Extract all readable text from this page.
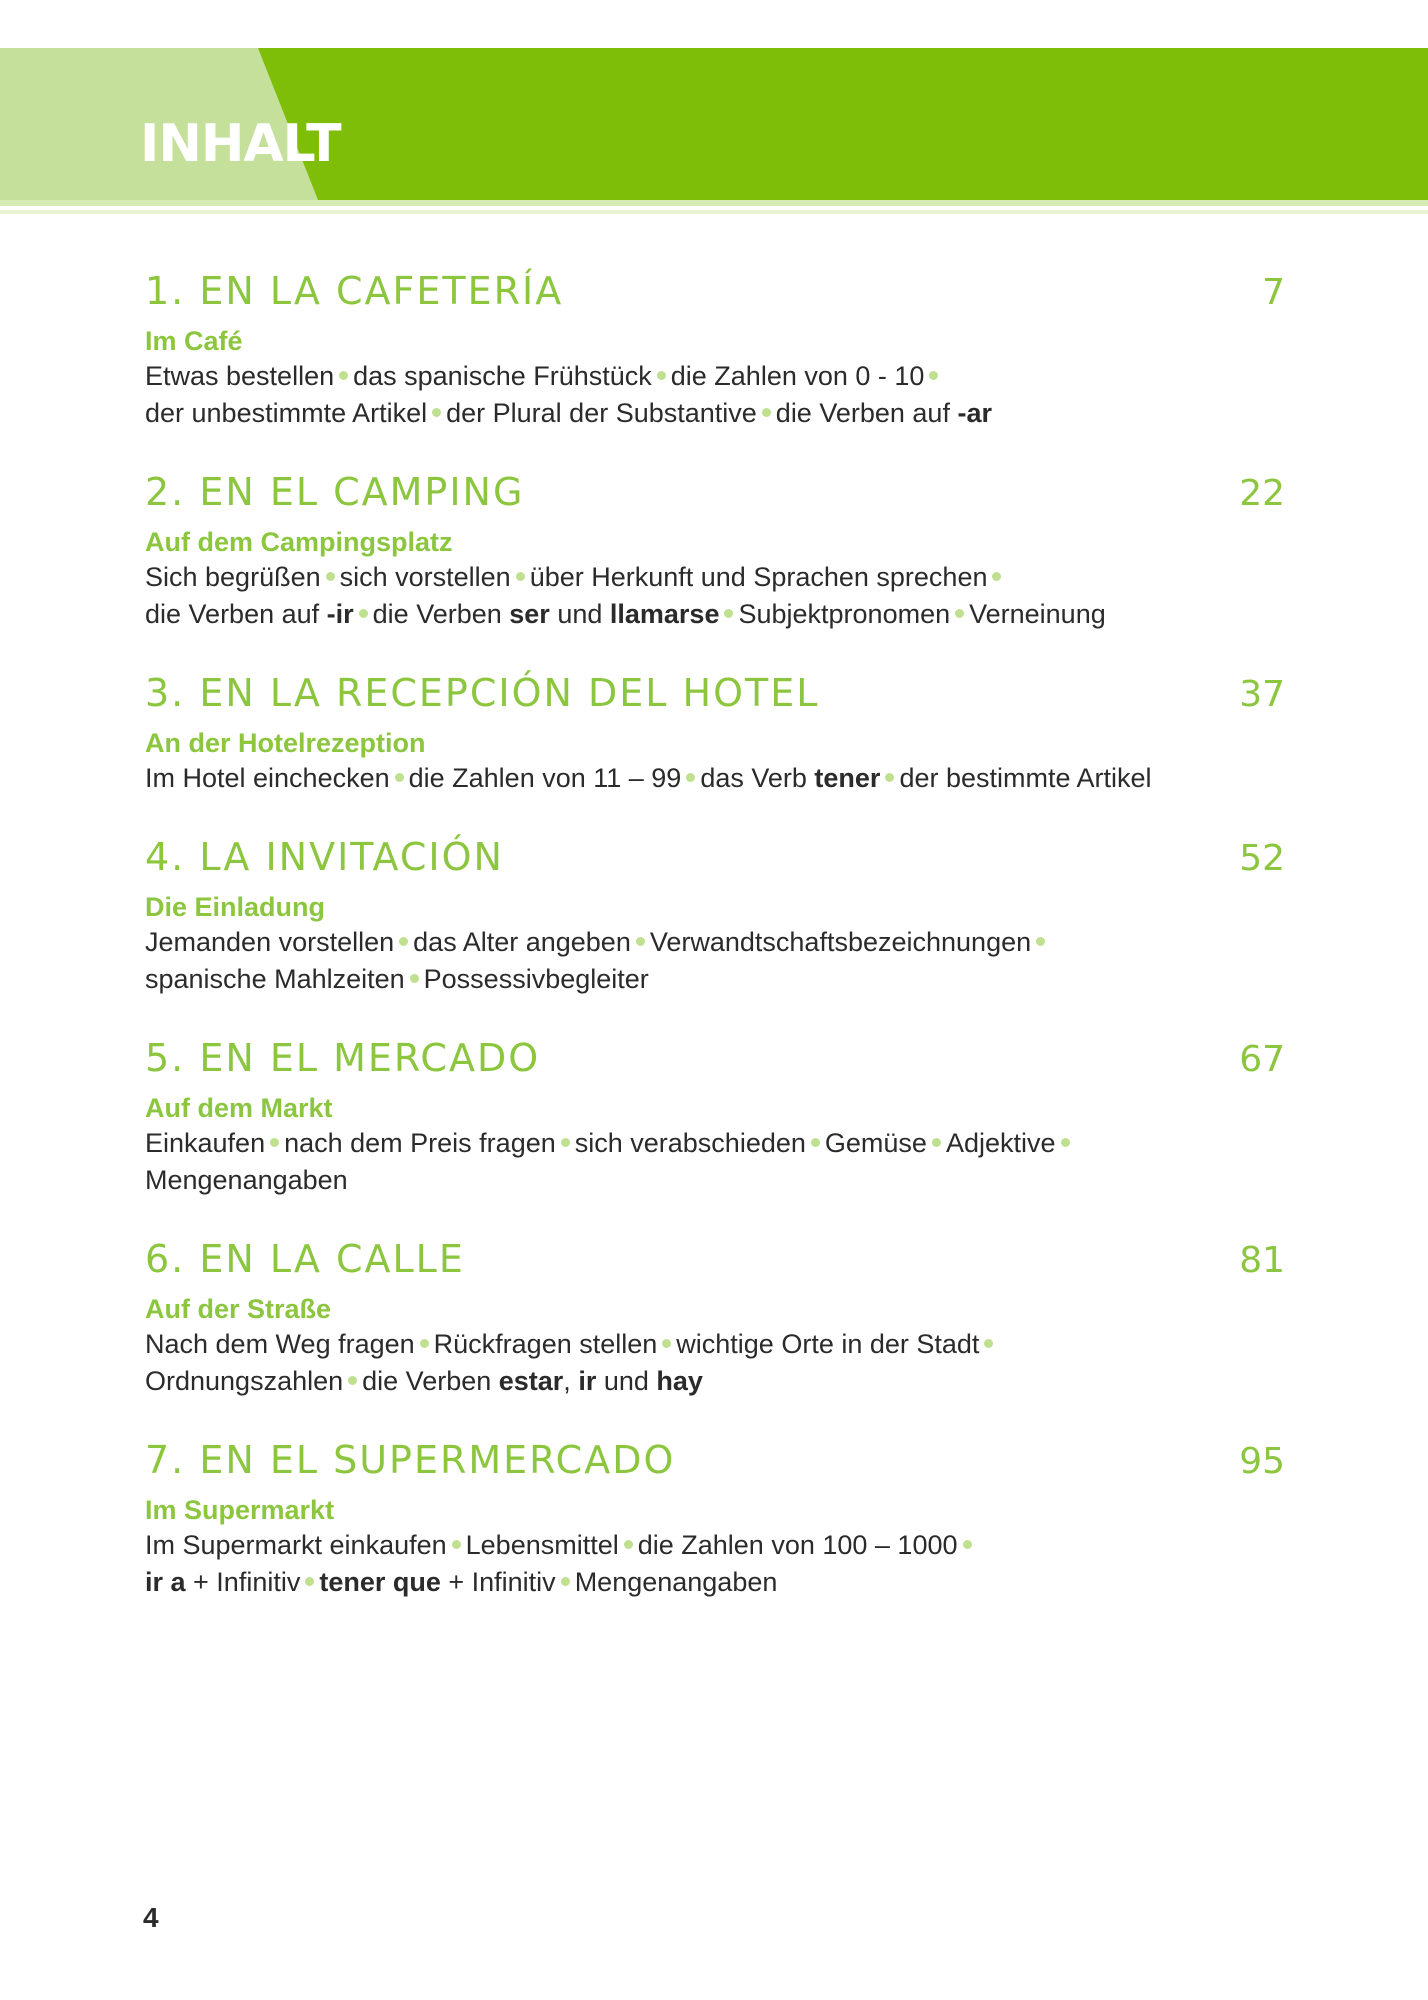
INHALT
1. EN LA CAFETERÍA	7
Im Café
Etwas bestellen das spanische Frühstück die Zahlen von 0 - 10
der unbestimmte Artikel der Plural der Substantive die Verben auf -ar
2. EN EL CAMPING	22
Auf dem Campingsplatz
Sich begrüßen sich vorstellen über Herkunft und Sprachen sprechen
die Verben auf -ir die Verben ser und llamarse Subjektpronomen Verneinung
3. EN LA RECEPCIÓN DEL HOTEL	37
An der Hotelrezeption
Im Hotel einchecken die Zahlen von 11 – 99 das Verb tener der bestimmte Artikel
4. LA INVITACIÓN	52
Die Einladung
Jemanden vorstellen das Alter angeben Verwandtschaftsbezeichnungen
spanische Mahlzeiten Possessivbegleiter
5. EN EL MERCADO	67
Auf dem Markt
Einkaufen nach dem Preis fragen sich verabschieden Gemüse Adjektive
Mengenangaben
6. EN LA CALLE	81
Auf der Straße
Nach dem Weg fragen Rückfragen stellen wichtige Orte in der Stadt
Ordnungszahlen die Verben estar, ir und hay
7. EN EL SUPERMERCADO	95
Im Supermarkt
Im Supermarkt einkaufen Lebensmittel die Zahlen von 100 – 1000
ir a + Infinitiv tener que + Infinitiv Mengenangaben
4
